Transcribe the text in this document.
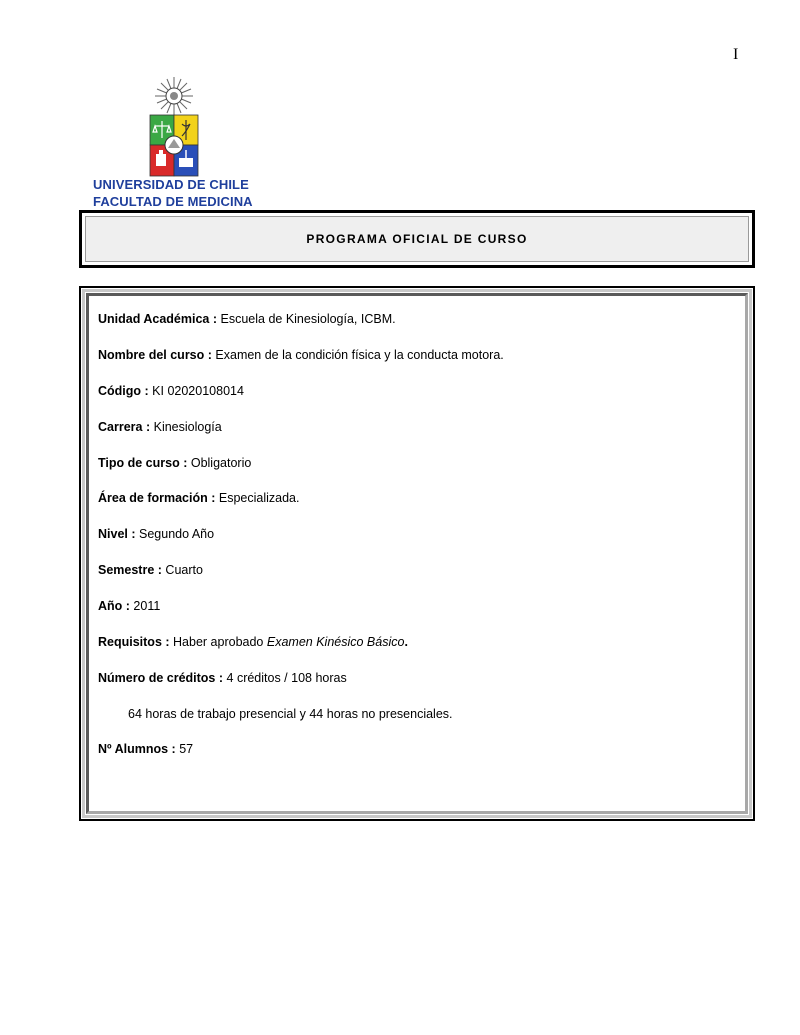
I
UNIVERSIDAD DE CHILE
FACULTAD DE MEDICINA
PROGRAMA OFICIAL DE CURSO
Unidad Académica : Escuela de Kinesiología, ICBM.
Nombre del curso : Examen de la condición física y la conducta motora.
Código : KI 02020108014
Carrera : Kinesiología
Tipo de curso : Obligatorio
Área de formación : Especializada.
Nivel : Segundo Año
Semestre : Cuarto
Año : 2011
Requisitos : Haber aprobado Examen Kinésico Básico.
Número de créditos : 4 créditos / 108 horas
64 horas de trabajo presencial y 44 horas no presenciales.
Nº Alumnos : 57
